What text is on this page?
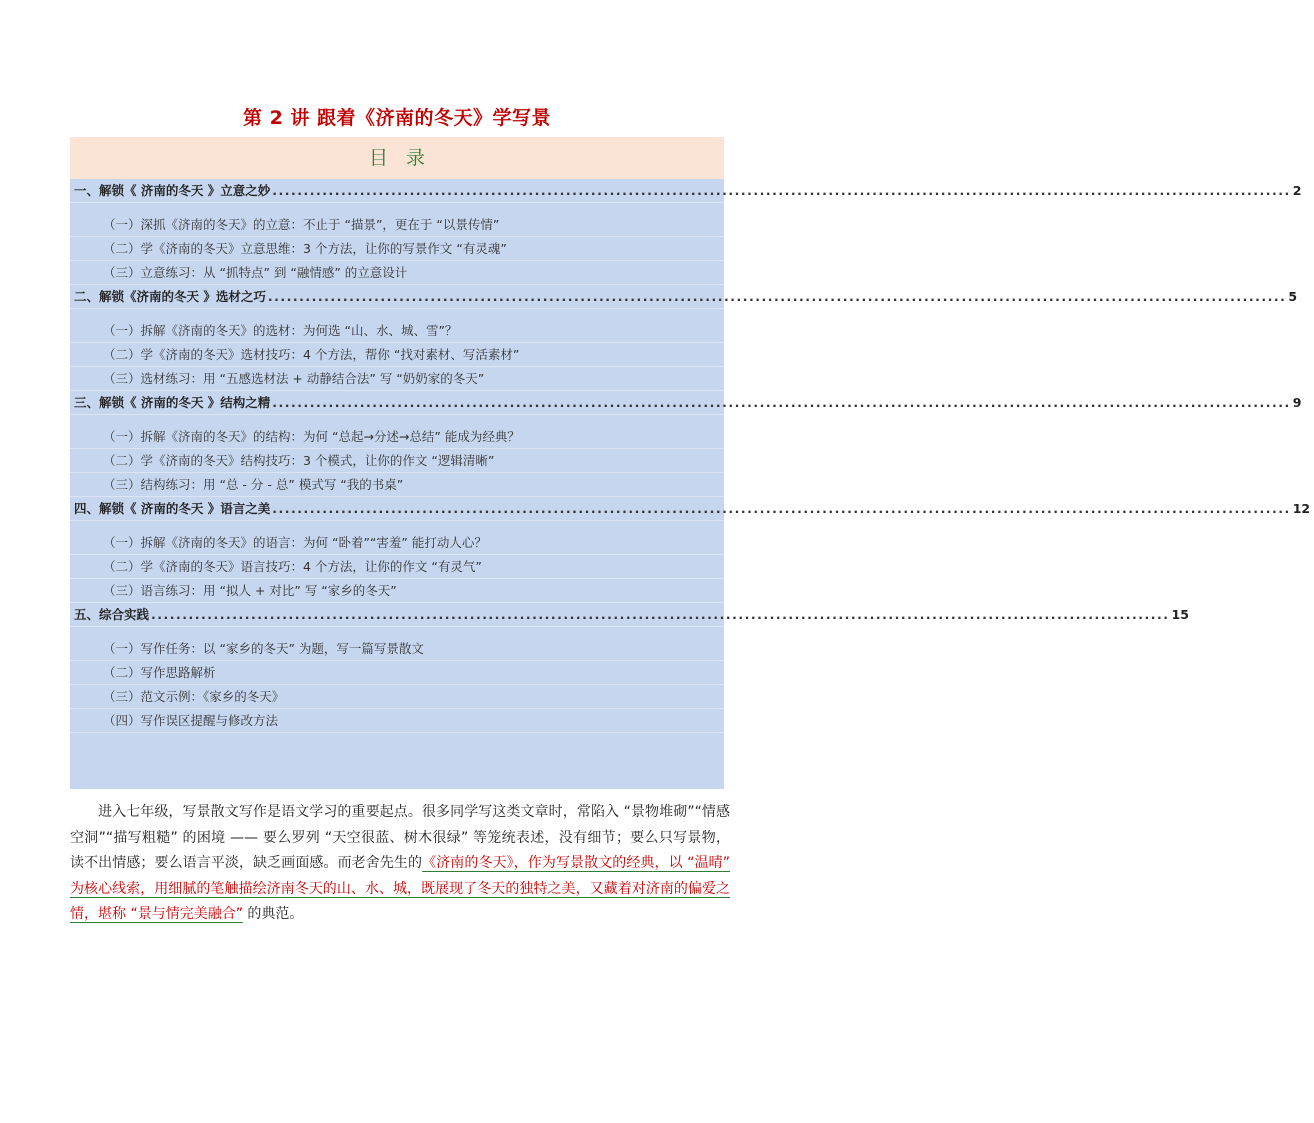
第 2 讲 跟着《济南的冬天》学写景
目录
一、解锁《 济南的冬天 》立意之妙 ................................................................................................................................................................... 2
（一）深抓《济南的冬天》的立意：不止于 “描景”，更在于 “以景传情”
（二）学《济南的冬天》立意思维：3 个方法，让你的写景作文 “有灵魂”
（三）立意练习：从 “抓特点” 到 “融情感” 的立意设计
二、解锁《济南的冬天 》选材之巧 ................................................................................................................................................................... 5
（一）拆解《济南的冬天》的选材：为何选 “山、水、城、雪”？
（二）学《济南的冬天》选材技巧：4 个方法，帮你 “找对素材、写活素材”
（三）选材练习：用 “五感选材法 + 动静结合法” 写 “奶奶家的冬天”
三、解锁《 济南的冬天 》结构之精 ................................................................................................................................................................... 9
（一）拆解《济南的冬天》的结构：为何 “总起→分述→总结” 能成为经典？
（二）学《济南的冬天》结构技巧：3 个模式，让你的作文 “逻辑清晰”
（三）结构练习：用 “总 - 分 - 总” 模式写 “我的书桌”
四、解锁《 济南的冬天 》语言之美 ................................................................................................................................................................... 12
（一）拆解《济南的冬天》的语言：为何 “卧着”“害羞” 能打动人心？
（二）学《济南的冬天》语言技巧：4 个方法，让你的作文 “有灵气”
（三）语言练习：用 “拟人 + 对比” 写 “家乡的冬天”
五、综合实践 ................................................................................................................................................................... 15
（一）写作任务：以 “家乡的冬天” 为题，写一篇写景散文
（二）写作思路解析
（三）范文示例：《家乡的冬天》
（四）写作误区提醒与修改方法
进入七年级，写景散文写作是语文学习的重要起点。很多同学写这类文章时，常陷入 “景物堆砌”“情感空洞”“描写粗糙” 的困境 —— 要么罗列 “天空很蓝、树木很绿” 等笼统表述，没有细节；要么只写景物，读不出情感；要么语言平淡，缺乏画面感。而老舍先生的《济南的冬天》，作为写景散文的经典，以 “温晴” 为核心线索，用细腻的笔触描绘济南冬天的山、水、城，既展现了冬天的独特之美，又藏着对济南的偏爱之情，堪称 “景与情完美融合” 的典范。
